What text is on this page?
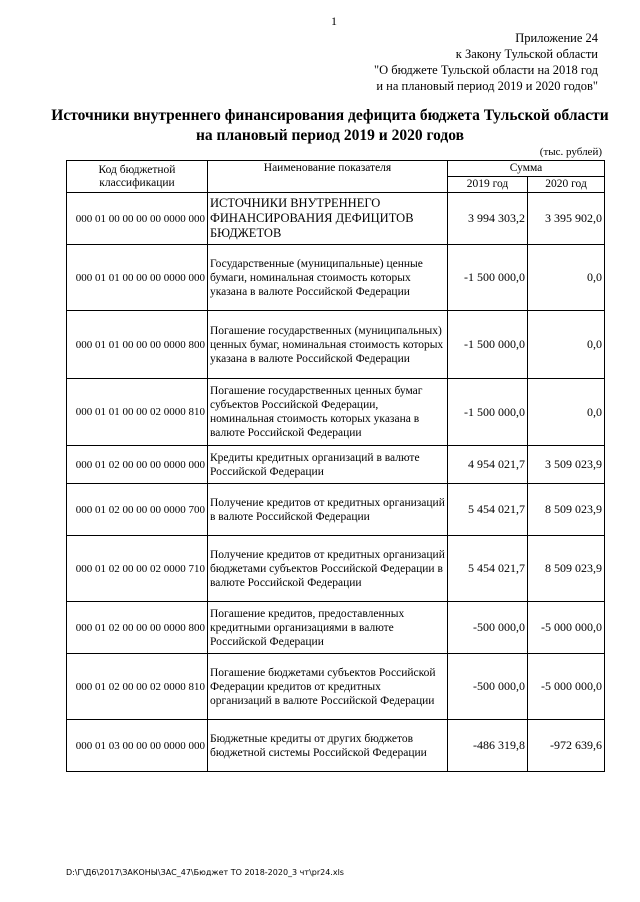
1
Приложение 24
к Закону Тульской области
"О бюджете Тульской области на 2018 год
и на плановый период 2019 и 2020 годов"
Источники внутреннего финансирования дефицита бюджета Тульской области
на плановый период 2019 и 2020 годов
(тыс. рублей)
Код бюджетной классификации	Наименование показателя	Сумма	
		2019 год	2020 год
000 01 00 00 00 00 0000 000	ИСТОЧНИКИ ВНУТРЕННЕГО ФИНАНСИРОВАНИЯ ДЕФИЦИТОВ БЮДЖЕТОВ	3 994 303,2	3 395 902,0
000 01 01 00 00 00 0000 000	Государственные (муниципальные) ценные бумаги, номинальная стоимость которых указана в валюте Российской Федерации	-1 500 000,0	0,0
000 01 01 00 00 00 0000 800	Погашение государственных (муниципальных) ценных бумаг, номинальная стоимость которых указана в валюте Российской Федерации	-1 500 000,0	0,0
000 01 01 00 00 02 0000 810	Погашение государственных ценных бумаг субъектов Российской Федерации, номинальная стоимость которых указана в валюте Российской Федерации	-1 500 000,0	0,0
000 01 02 00 00 00 0000 000	Кредиты кредитных организаций в валюте Российской Федерации	4 954 021,7	3 509 023,9
000 01 02 00 00 00 0000 700	Получение кредитов от кредитных организаций в валюте Российской Федерации	5 454 021,7	8 509 023,9
000 01 02 00 00 02 0000 710	Получение кредитов от кредитных организаций бюджетами субъектов Российской Федерации в валюте Российской Федерации	5 454 021,7	8 509 023,9
000 01 02 00 00 00 0000 800	Погашение кредитов, предоставленных кредитными организациями в валюте Российской Федерации	-500 000,0	-5 000 000,0
000 01 02 00 00 02 0000 810	Погашение бюджетами субъектов Российской Федерации кредитов от кредитных организаций в валюте Российской Федерации	-500 000,0	-5 000 000,0
000 01 03 00 00 00 0000 000	Бюджетные кредиты от других бюджетов бюджетной системы Российской Федерации	-486 319,8	-972 639,6
D:\Г\Д6\2017\ЗАКОНЫ\ЗАС_47\Бюджет ТО 2018-2020_3 чт\pr24.xls
